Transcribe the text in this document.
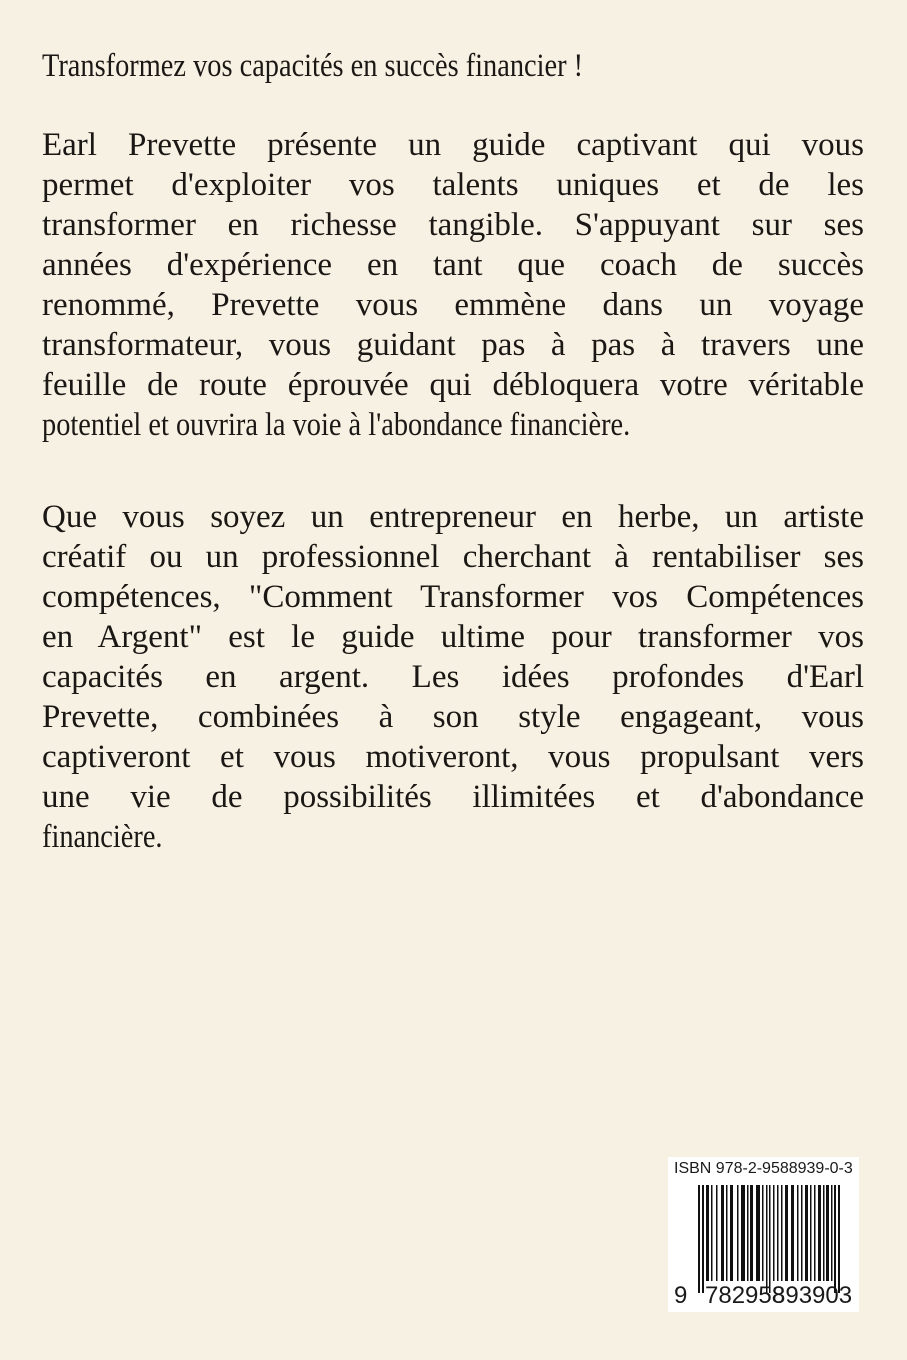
Transformez vos capacités en succès financier !
Earl Prevette présente un guide captivant qui vous
permet d'exploiter vos talents uniques et de les
transformer en richesse tangible. S'appuyant sur ses
années d'expérience en tant que coach de succès
renommé, Prevette vous emmène dans un voyage
transformateur, vous guidant pas à pas à travers une
feuille de route éprouvée qui débloquera votre véritable
potentiel et ouvrira la voie à l'abondance financière.
Que vous soyez un entrepreneur en herbe, un artiste
créatif ou un professionnel cherchant à rentabiliser ses
compétences, "Comment Transformer vos Compétences
en Argent" est le guide ultime pour transformer vos
capacités en argent. Les idées profondes d'Earl
Prevette, combinées à son style engageant, vous
captiveront et vous motiveront, vous propulsant vers
une vie de possibilités illimitées et d'abondance
financière.
ISBN 978-2-9588939-0-3
9 782958
893903
